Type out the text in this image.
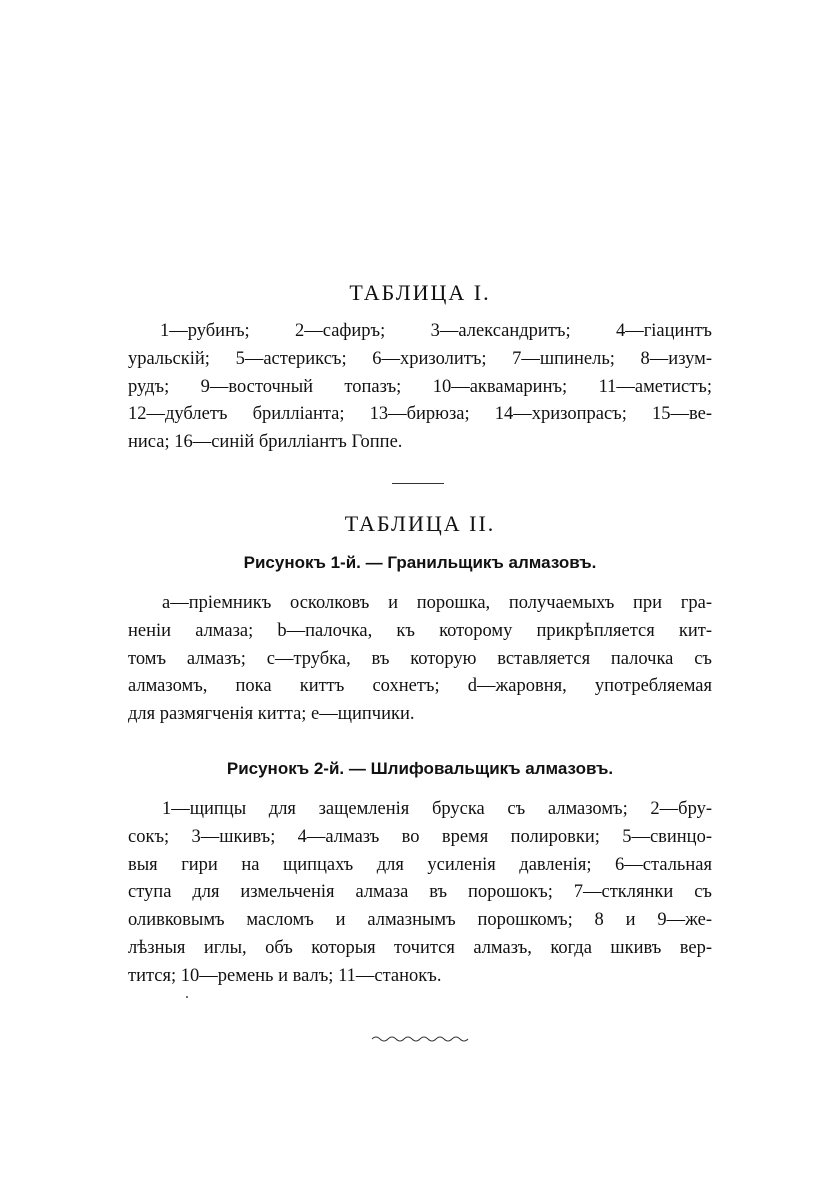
ТАБЛИЦА I.
1—рубинъ; 2—сафиръ; 3—александритъ; 4—гіацинтъ
уральскій; 5—астериксъ; 6—хризолитъ; 7—шпинель; 8—изум-
рудъ; 9—восточный топазъ; 10—аквамаринъ; 11—аметистъ;
12—дублетъ брилліанта; 13—бирюза; 14—хризопрасъ; 15—ве-
ниса; 16—синій брилліантъ Гоппе.
ТАБЛИЦА II.
Рисунокъ 1-й. — Гранильщикъ алмазовъ.
a—пріемникъ осколковъ и порошка, получаемыхъ при гра-
неніи алмаза; b—палочка, къ которому прикрѣпляется кит-
томъ алмазъ; c—трубка, въ которую вставляется палочка съ
алмазомъ, пока киттъ сохнетъ; d—жаровня, употребляемая
для размягченія китта; e—щипчики.
Рисунокъ 2-й. — Шлифовальщикъ алмазовъ.
1—щипцы для защемленія бруска съ алмазомъ; 2—бру-
сокъ; 3—шкивъ; 4—алмазъ во время полировки; 5—свинцо-
выя гири на щипцахъ для усиленія давленія; 6—стальная
ступа для измельченія алмаза въ порошокъ; 7—стклянки съ
оливковымъ масломъ и алмазнымъ порошкомъ; 8 и 9—же-
лѣзныя иглы, объ которыя точится алмазъ, когда шкивъ вер-
тится; 10—ремень и валъ; 11—станокъ.
